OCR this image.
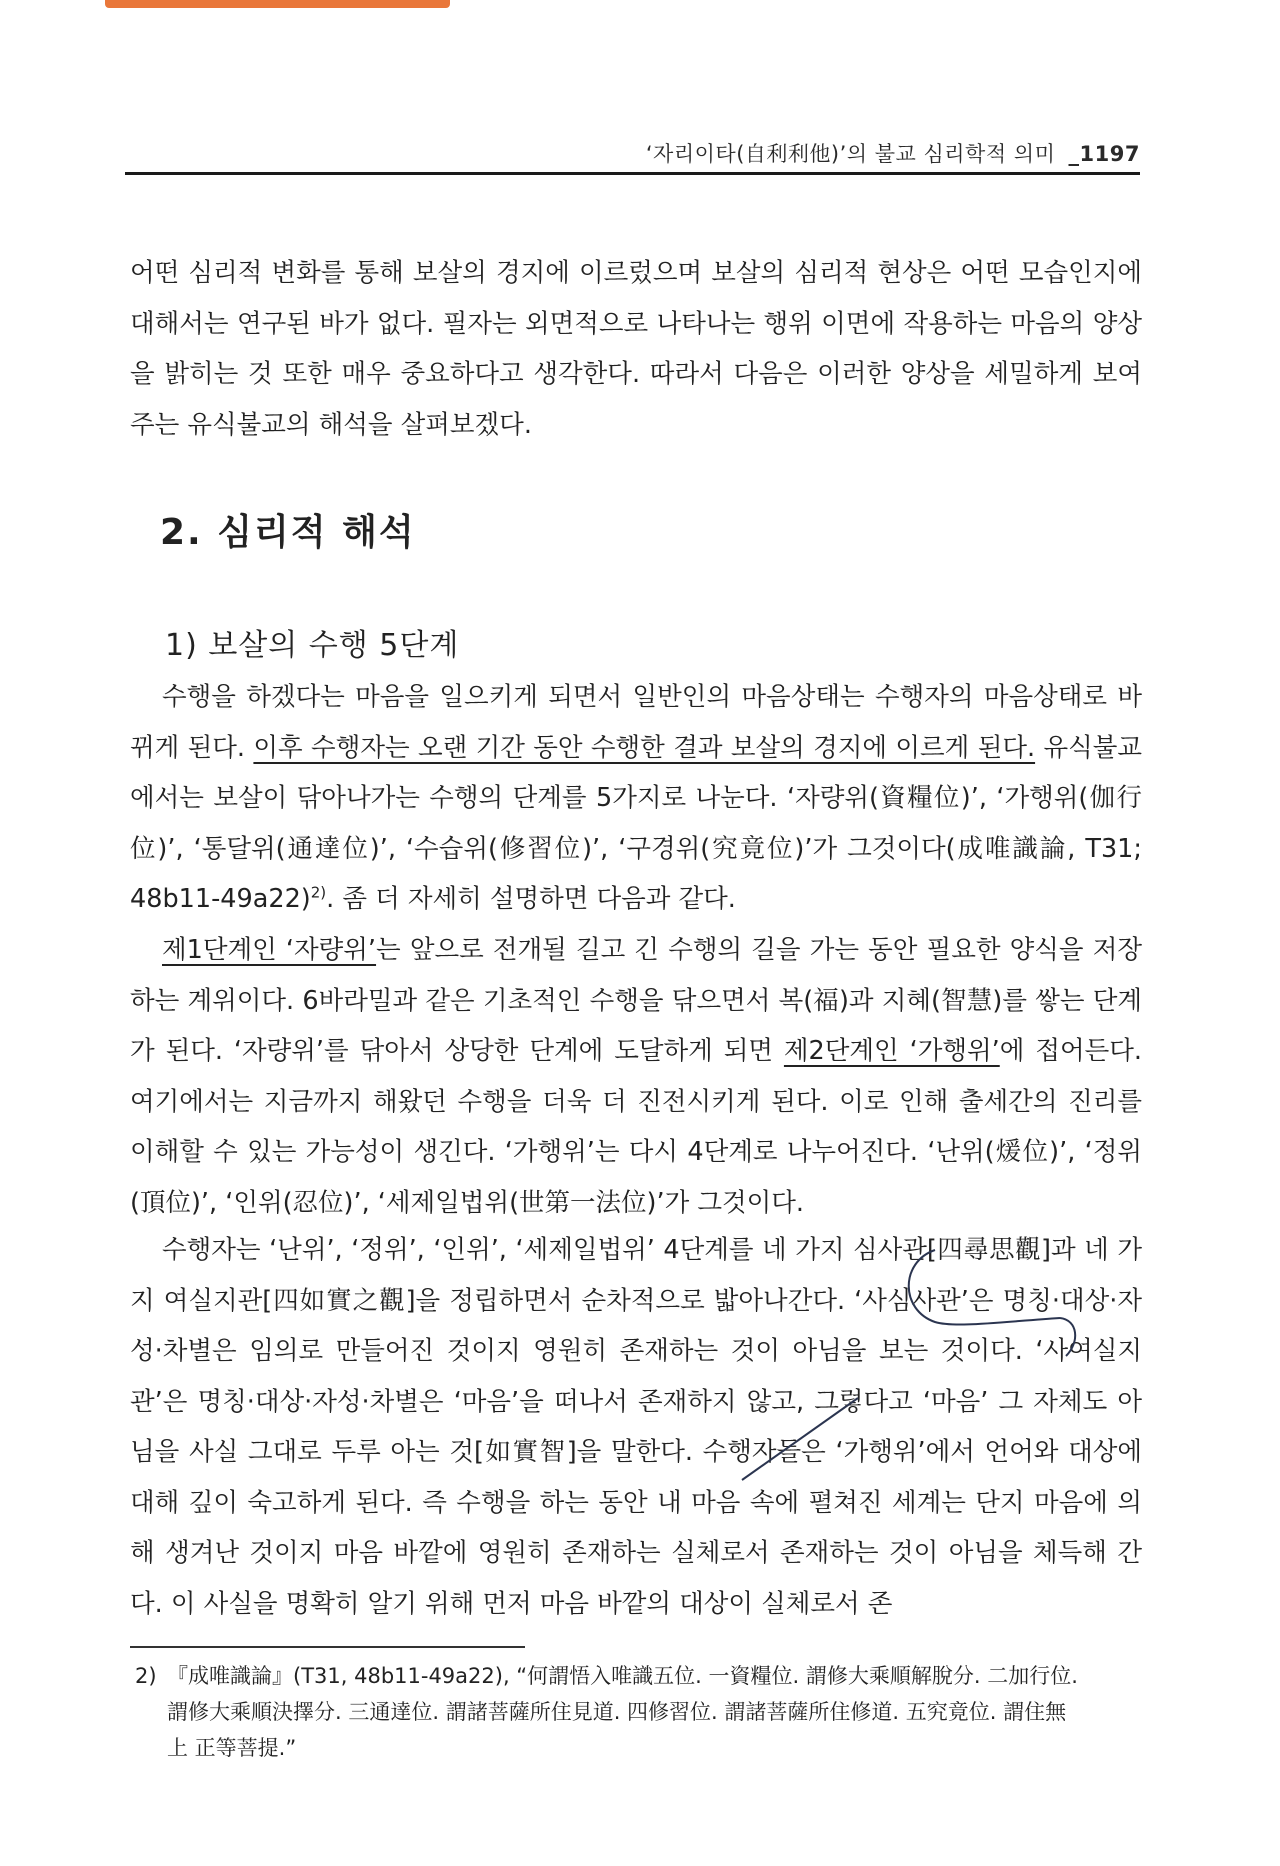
‘자리이타(自利利他)’의 불교 심리학적 의미 _1197
어떤 심리적 변화를 통해 보살의 경지에 이르렀으며 보살의 심리적 현상은 어떤 모습인지에 대해서는 연구된 바가 없다. 필자는 외면적으로 나타나는 행위 이면에 작용하는 마음의 양상을 밝히는 것 또한 매우 중요하다고 생각한다. 따라서 다음은 이러한 양상을 세밀하게 보여주는 유식불교의 해석을 살펴보겠다.
2. 심리적 해석
1) 보살의 수행 5단계
수행을 하겠다는 마음을 일으키게 되면서 일반인의 마음상태는 수행자의 마음상태로 바뀌게 된다. 이후 수행자는 오랜 기간 동안 수행한 결과 보살의 경지에 이르게 된다. 유식불교에서는 보살이 닦아나가는 수행의 단계를 5가지로 나눈다. ‘자량위(資糧位)’, ‘가행위(伽行位)’, ‘통달위(通達位)’, ‘수습위(修習位)’, ‘구경위(究竟位)’가 그것이다(成唯識論, T31; 48b11-49a22)$^{2)}$. 좀 더 자세히 설명하면 다음과 같다.
제1단계인 ‘자량위’는 앞으로 전개될 길고 긴 수행의 길을 가는 동안 필요한 양식을 저장하는 계위이다. 6바라밀과 같은 기초적인 수행을 닦으면서 복(福)과 지혜(智慧)를 쌓는 단계가 된다. ‘자량위’를 닦아서 상당한 단계에 도달하게 되면 제2단계인 ‘가행위’에 접어든다. 여기에서는 지금까지 해왔던 수행을 더욱 더 진전시키게 된다. 이로 인해 출세간의 진리를 이해할 수 있는 가능성이 생긴다. ‘가행위’는 다시 4단계로 나누어진다. ‘난위(煖位)’, ‘정위(頂位)’, ‘인위(忍位)’, ‘세제일법위(世第一法位)’가 그것이다.
수행자는 ‘난위’, ‘정위’, ‘인위’, ‘세제일법위’ 4단계를 네 가지 심사관[四尋思觀]과 네 가지 여실지관[四如實之觀]을 정립하면서 순차적으로 밟아나간다. ‘사심사관’은 명칭·대상·자성·차별은 임의로 만들어진 것이지 영원히 존재하는 것이 아님을 보는 것이다. ‘사여실지관’은 명칭·대상·자성·차별은 ‘마음’을 떠나서 존재하지 않고, 그렇다고 ‘마음’ 그 자체도 아님을 사실 그대로 두루 아는 것[如實智]을 말한다. 수행자들은 ‘가행위’에서 언어와 대상에 대해 깊이 숙고하게 된다. 즉 수행을 하는 동안 내 마음 속에 펼쳐진 세계는 단지 마음에 의해 생겨난 것이지 마음 바깥에 영원히 존재하는 실체로서 존재하는 것이 아님을 체득해 간다. 이 사실을 명확히 알기 위해 먼저 마음 바깥의 대상이 실체로서 존
2) 『成唯識論』(T31, 48b11-49a22), “何謂悟入唯識五位. 一資糧位. 謂修大乘順解脫分. 二加行位.
謂修大乘順決擇分. 三通達位. 謂諸菩薩所住見道. 四修習位. 謂諸菩薩所住修道. 五究竟位. 謂住無
上 正等菩提.”
